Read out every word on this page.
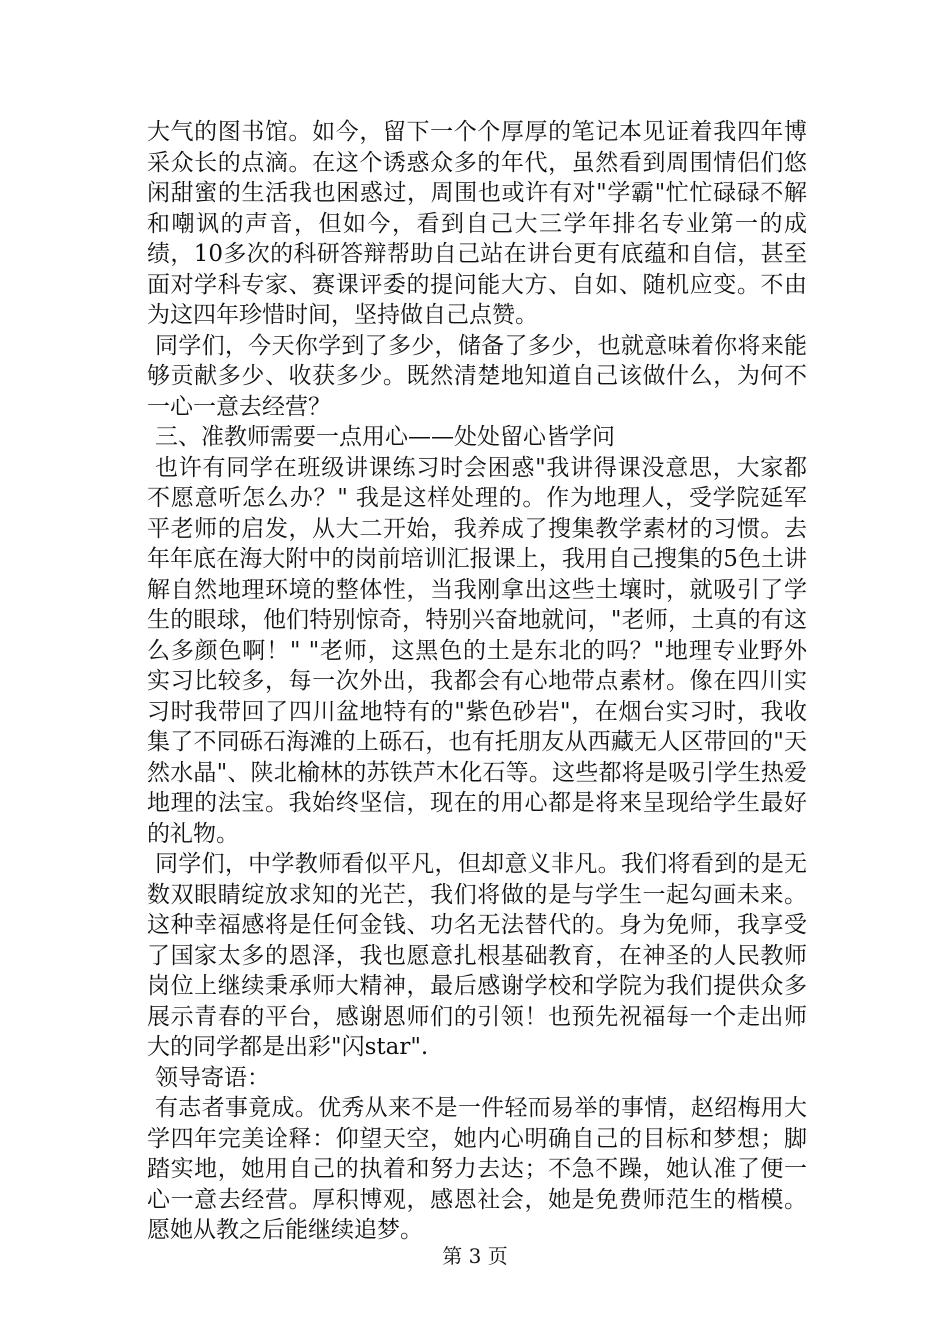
大气的图书馆。如今，留下一个个厚厚的笔记本见证着我四年博采众长的点滴。在这个诱惑众多的年代，虽然看到周围情侣们悠闲甜蜜的生活我也困惑过，周围也或许有对"学霸"忙忙碌碌不解和嘲讽的声音，但如今，看到自己大三学年排名专业第一的成绩，10多次的科研答辩帮助自己站在讲台更有底蕴和自信，甚至面对学科专家、赛课评委的提问能大方、自如、随机应变。不由为这四年珍惜时间，坚持做自己点赞。

同学们，今天你学到了多少，储备了多少，也就意味着你将来能够贡献多少、收获多少。既然清楚地知道自己该做什么，为何不一心一意去经营？

三、准教师需要一点用心——处处留心皆学问

也许有同学在班级讲课练习时会困惑"我讲得课没意思，大家都不愿意听怎么办？" 我是这样处理的。作为地理人，受学院延军平老师的启发，从大二开始，我养成了搜集教学素材的习惯。去年年底在海大附中的岗前培训汇报课上，我用自己搜集的5色土讲解自然地理环境的整体性，当我刚拿出这些土壤时，就吸引了学生的眼球，他们特别惊奇，特别兴奋地就问，"老师，土真的有这么多颜色啊！" "老师，这黑色的土是东北的吗？"地理专业野外实习比较多，每一次外出，我都会有心地带点素材。像在四川实习时我带回了四川盆地特有的"紫色砂岩"，在烟台实习时，我收集了不同砾石海滩的上砾石，也有托朋友从西藏无人区带回的"天然水晶"、陕北榆林的苏铁芦木化石等。这些都将是吸引学生热爱地理的法宝。我始终坚信，现在的用心都是将来呈现给学生最好的礼物。

同学们，中学教师看似平凡，但却意义非凡。我们将看到的是无数双眼睛绽放求知的光芒，我们将做的是与学生一起勾画未来。这种幸福感将是任何金钱、功名无法替代的。身为免师，我享受了国家太多的恩泽，我也愿意扎根基础教育，在神圣的人民教师岗位上继续秉承师大精神，最后感谢学校和学院为我们提供众多展示青春的平台，感谢恩师们的引领！也预先祝福每一个走出师大的同学都是出彩"闪star".

领导寄语：

有志者事竟成。优秀从来不是一件轻而易举的事情，赵绍梅用大学四年完美诠释：仰望天空，她内心明确自己的目标和梦想；脚踏实地，她用自己的执着和努力去达；不急不躁，她认准了便一心一意去经营。厚积博观，感恩社会，她是免费师范生的楷模。愿她从教之后能继续追梦。

第 3 页
